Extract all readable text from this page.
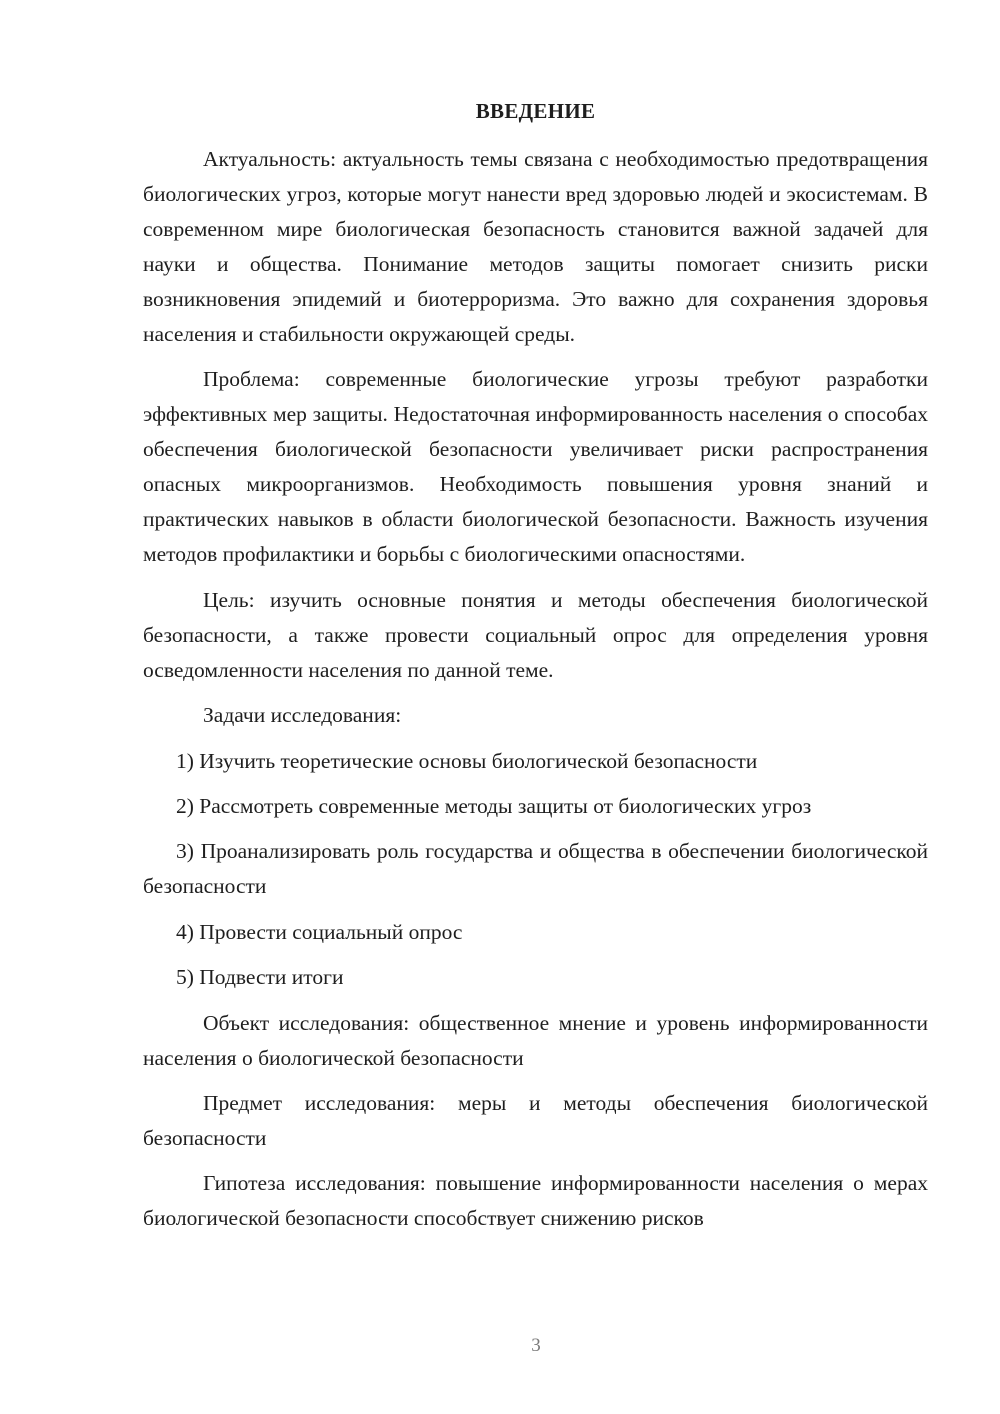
ВВЕДЕНИЕ

Актуальность: актуальность темы связана с необходимостью предотвращения биологических угроз, которые могут нанести вред здоровью людей и экосистемам. В современном мире биологическая безопасность становится важной задачей для науки и общества. Понимание методов защиты помогает снизить риски возникновения эпидемий и биотерроризма. Это важно для сохранения здоровья населения и стабильности окружающей среды.

Проблема: современные биологические угрозы требуют разработки эффективных мер защиты. Недостаточная информированность населения о способах обеспечения биологической безопасности увеличивает риски распространения опасных микроорганизмов. Необходимость повышения уровня знаний и практических навыков в области биологической безопасности. Важность изучения методов профилактики и борьбы с биологическими опасностями.

Цель: изучить основные понятия и методы обеспечения биологической безопасности, а также провести социальный опрос для определения уровня осведомленности населения по данной теме.

Задачи исследования:

1) Изучить теоретические основы биологической безопасности

2) Рассмотреть современные методы защиты от биологических угроз

3) Проанализировать роль государства и общества в обеспечении биологической безопасности

4) Провести социальный опрос

5) Подвести итоги

Объект исследования: общественное мнение и уровень информированности населения о биологической безопасности

Предмет исследования: меры и методы обеспечения биологической безопасности

Гипотеза исследования: повышение информированности населения о мерах биологической безопасности способствует снижению рисков

3
